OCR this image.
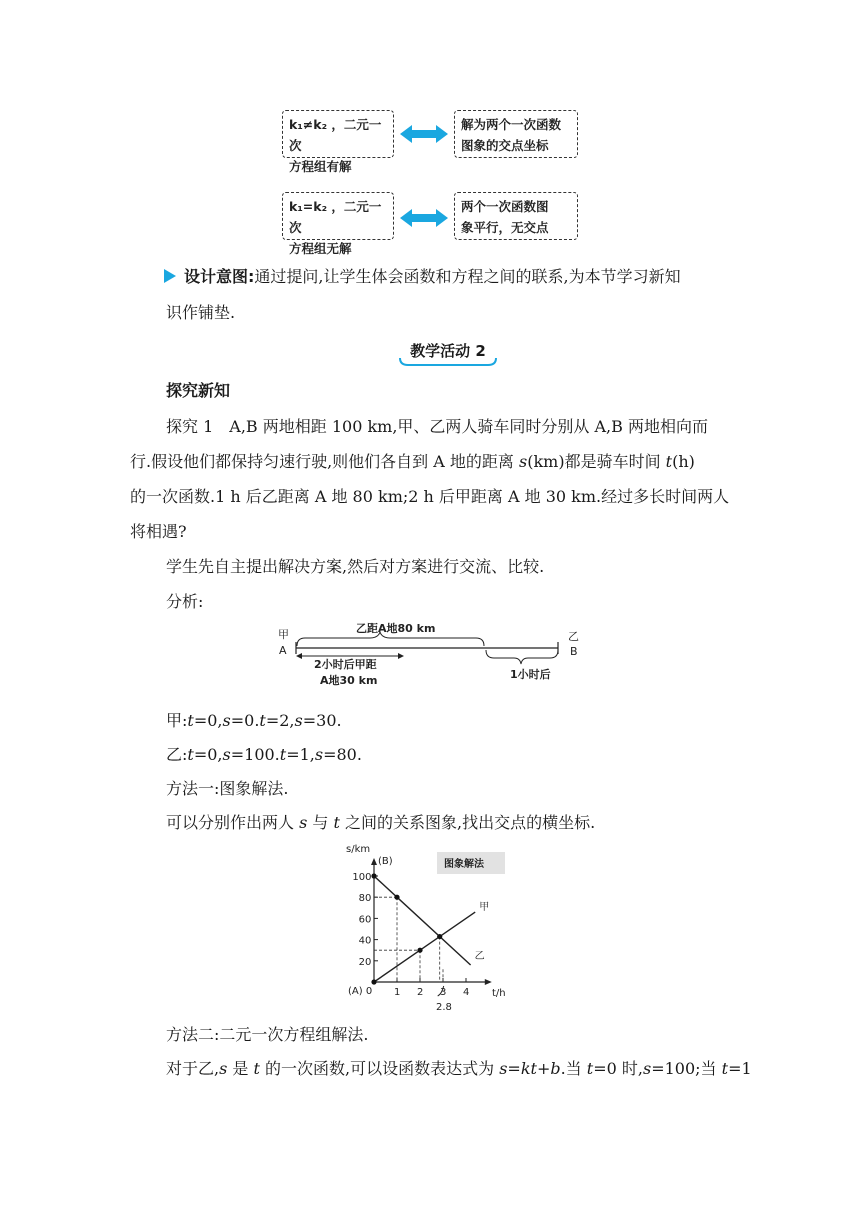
k₁≠k₂ ，二元一次
方程组有解
解为两个一次函数
图象的交点坐标
k₁=k₂ ，二元一次
方程组无解
两个一次函数图
象平行，无交点
设计意图:通过提问,让学生体会函数和方程之间的联系,为本节学习新知
识作铺垫.
教学活动 2
探究新知
探究 1　A,B 两地相距 100 km,甲、乙两人骑车同时分别从 A,B 两地相向而
行.假设他们都保持匀速行驶,则他们各自到 A 地的距离 s(km)都是骑车时间 t(h)
的一次函数.1 h 后乙距离 A 地 80 km;2 h 后甲距离 A 地 30 km.经过多长时间两人
将相遇?
学生先自主提出解决方案,然后对方案进行交流、比较.
分析:
甲
A
乙
B
乙距A地80 km
2小时后甲距
A地30 km	1小时后
甲:t=0,s=0.t=2,s=30.
乙:t=0,s=100.t=1,s=80.
方法一:图象解法.
可以分别作出两人 s 与 t 之间的关系图象,找出交点的横坐标.
1 2 3 4
20
40
60
80
100
甲
乙
s/km
t/h
(A) 0
(B)	图象解法
2.8
方法二:二元一次方程组解法.
对于乙,s 是 t 的一次函数,可以设函数表达式为 s=kt+b.当 t=0 时,s=100;当 t=1
